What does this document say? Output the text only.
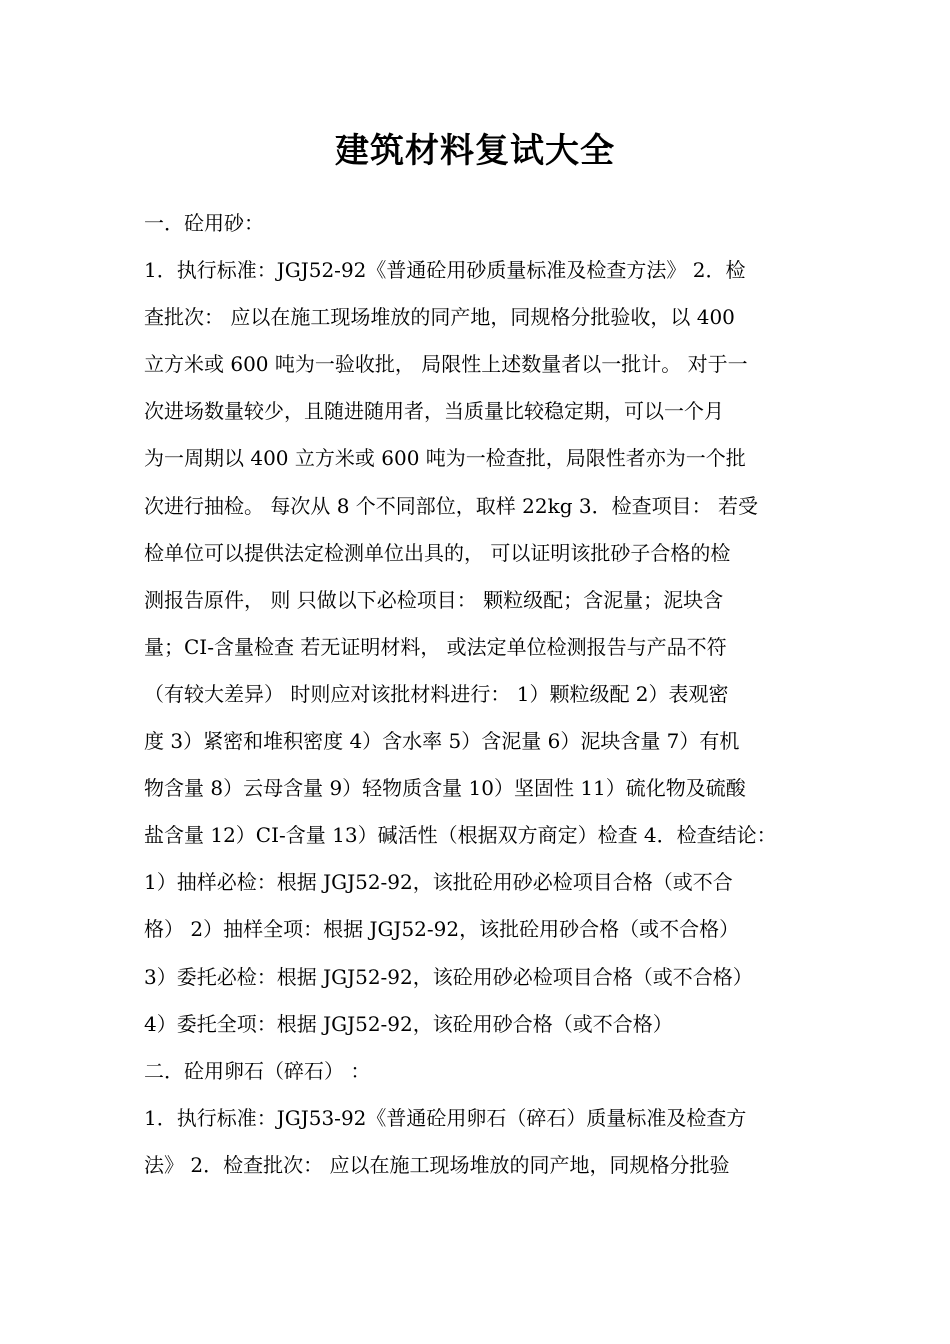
建筑材料复试大全
一．砼用砂：
1．执行标准：JGJ52-92《普通砼用砂质量标准及检查方法》 2．检
查批次： 应以在施工现场堆放的同产地，同规格分批验收，以 400
立方米或 600 吨为一验收批， 局限性上述数量者以一批计。 对于一
次进场数量较少，且随进随用者，当质量比较稳定期，可以一个月
为一周期以 400 立方米或 600 吨为一检查批，局限性者亦为一个批
次进行抽检。 每次从 8 个不同部位，取样 22kg 3．检查项目： 若受
检单位可以提供法定检测单位出具的， 可以证明该批砂子合格的检
测报告原件， 则 只做以下必检项目： 颗粒级配；含泥量；泥块含
量；CI-含量检查 若无证明材料， 或法定单位检测报告与产品不符
（有较大差异） 时则应对该批材料进行： 1）颗粒级配 2）表观密
度 3）紧密和堆积密度 4）含水率 5）含泥量 6）泥块含量 7）有机
物含量 8）云母含量 9）轻物质含量 10）坚固性 11）硫化物及硫酸
盐含量 12）CI-含量 13）碱活性（根据双方商定）检查 4．检查结论：
1）抽样必检：根据 JGJ52-92，该批砼用砂必检项目合格（或不合
格） 2）抽样全项：根据 JGJ52-92，该批砼用砂合格（或不合格）
3）委托必检：根据 JGJ52-92，该砼用砂必检项目合格（或不合格）
4）委托全项：根据 JGJ52-92，该砼用砂合格（或不合格）
二．砼用卵石（碎石） ：
1．执行标准：JGJ53-92《普通砼用卵石（碎石）质量标准及检查方
法》 2．检查批次： 应以在施工现场堆放的同产地，同规格分批验
